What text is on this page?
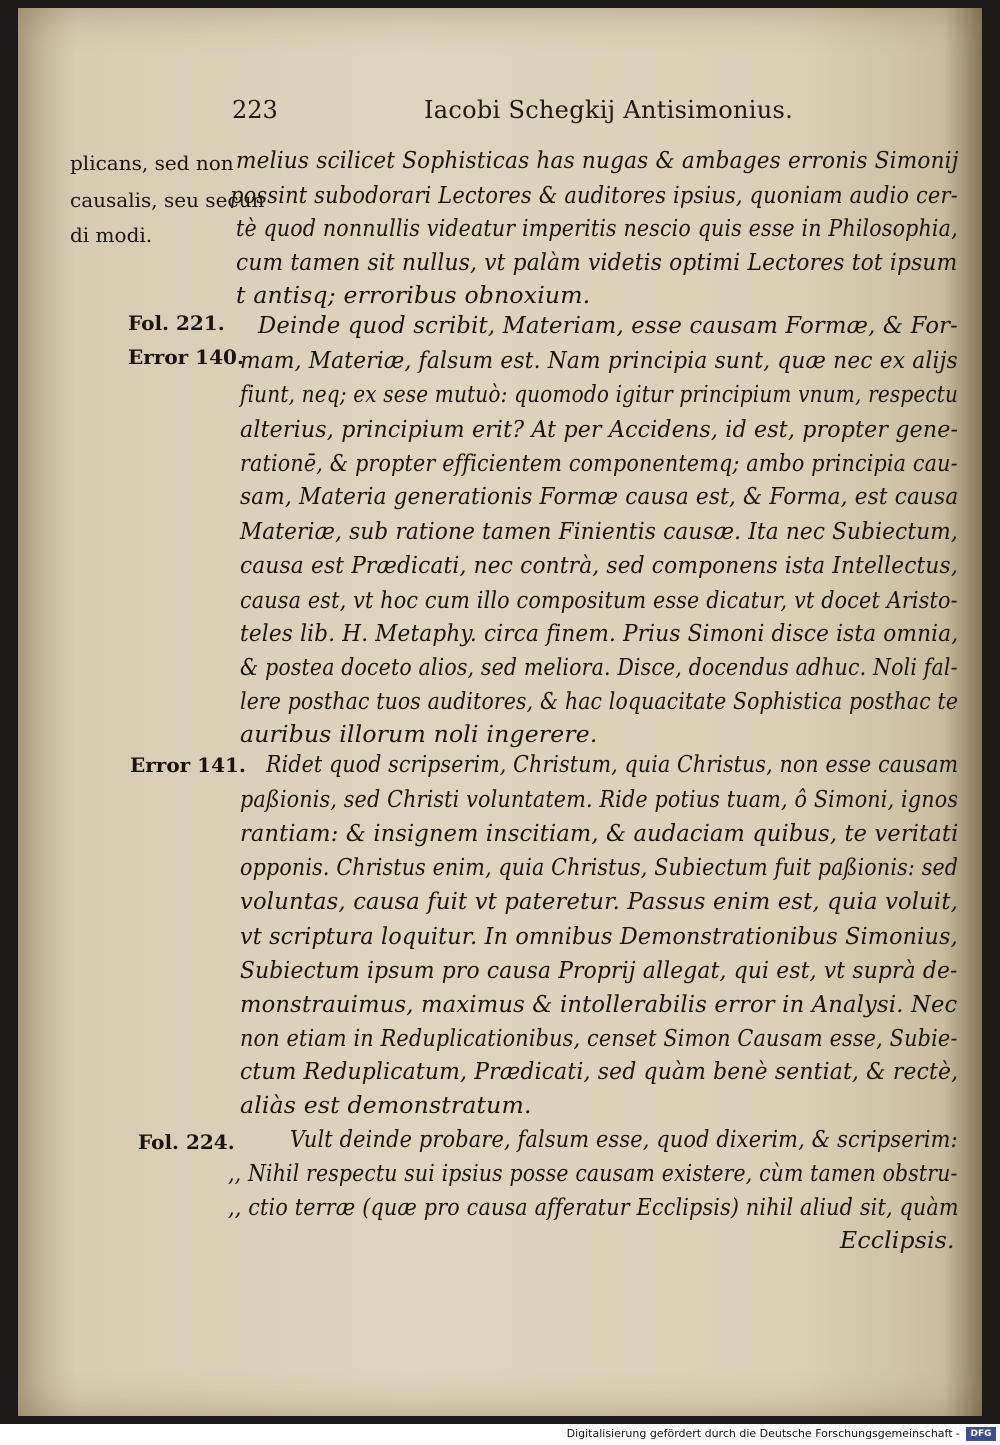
223	Iacobi Schegkij Antisimonius.
plicans, sed non
causalis, seu secun
di modi.
Fol. 221.
Error 140.
Error 141.
Fol. 224.
melius scilicet Sophisticas has nugas & ambages erronis Simonij
possint subodorari Lectores & auditores ipsius, quoniam audio cer-
tè quod nonnullis videatur imperitis nescio quis esse in Philosophia,
cum tamen sit nullus, vt palàm videtis optimi Lectores tot ipsum
t antisq; erroribus obnoxium.
Deinde quod scribit, Materiam, esse causam Formæ, & For-
mam, Materiæ, falsum est. Nam principia sunt, quæ nec ex alijs
fiunt, neq; ex sese mutuò: quomodo igitur principium vnum, respectu
alterius, principium erit? At per Accidens, id est, propter gene-
rationē, & propter efficientem componentemq; ambo principia cau-
sam, Materia generationis Formæ causa est, & Forma, est causa
Materiæ, sub ratione tamen Finientis causæ. Ita nec Subiectum,
causa est Prædicati, nec contrà, sed componens ista Intellectus,
causa est, vt hoc cum illo compositum esse dicatur, vt docet Aristo-
teles lib. H. Metaphy. circa finem. Prius Simoni disce ista omnia,
& postea doceto alios, sed meliora. Disce, docendus adhuc. Noli fal-
lere posthac tuos auditores, & hac loquacitate Sophistica posthac te
auribus illorum noli ingerere.
Ridet quod scripserim, Christum, quia Christus, non esse causam
paßionis, sed Christi voluntatem. Ride potius tuam, ô Simoni, ignos
rantiam: & insignem inscitiam, & audaciam quibus, te veritati
opponis. Christus enim, quia Christus, Subiectum fuit paßionis: sed
voluntas, causa fuit vt pateretur. Passus enim est, quia voluit,
vt scriptura loquitur. In omnibus Demonstrationibus Simonius,
Subiectum ipsum pro causa Proprij allegat, qui est, vt suprà de-
monstrauimus, maximus & intollerabilis error in Analysi. Nec
non etiam in Reduplicationibus, censet Simon Causam esse, Subie-
ctum Reduplicatum, Prædicati, sed quàm benè sentiat, & rectè,
aliàs est demonstratum.
Vult deinde probare, falsum esse, quod dixerim, & scripserim:
,, Nihil respectu sui ipsius posse causam existere, cùm tamen obstru-
,, ctio terræ (quæ pro causa afferatur Ecclipsis) nihil aliud sit, quàm
Ecclipsis.
Digitalisierung gefördert durch die Deutsche Forschungsgemeinschaft -	DFG
